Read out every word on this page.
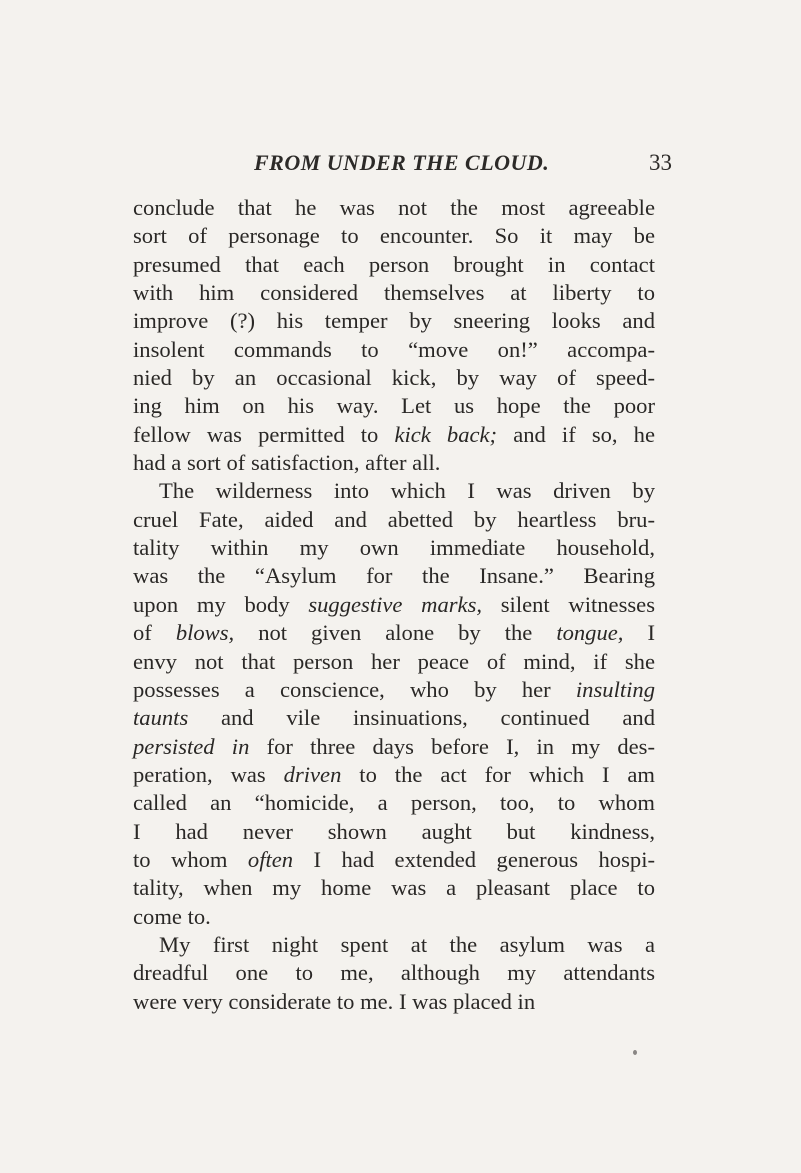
FROM UNDER THE CLOUD.	33
conclude that he was not the most agreeable
sort of personage to encounter. So it may be
presumed that each person brought in contact
with him considered themselves at liberty to
improve (?) his temper by sneering looks and
insolent commands to “move on!” accompa-
nied by an occasional kick, by way of speed-
ing him on his way. Let us hope the poor
fellow was permitted to kick back; and if so, he
had a sort of satisfaction, after all.
The wilderness into which I was driven by
cruel Fate, aided and abetted by heartless bru-
tality within my own immediate household,
was the “Asylum for the Insane.” Bearing
upon my body suggestive marks, silent witnesses
of blows, not given alone by the tongue, I
envy not that person her peace of mind, if she
possesses a conscience, who by her insulting
taunts and vile insinuations, continued and
persisted in for three days before I, in my des-
peration, was driven to the act for which I am
called an “homicide, a person, too, to whom
I had never shown aught but kindness,
to whom often I had extended generous hospi-
tality, when my home was a pleasant place to
come to.
My first night spent at the asylum was a
dreadful one to me, although my attendants
were very considerate to me. I was placed in
